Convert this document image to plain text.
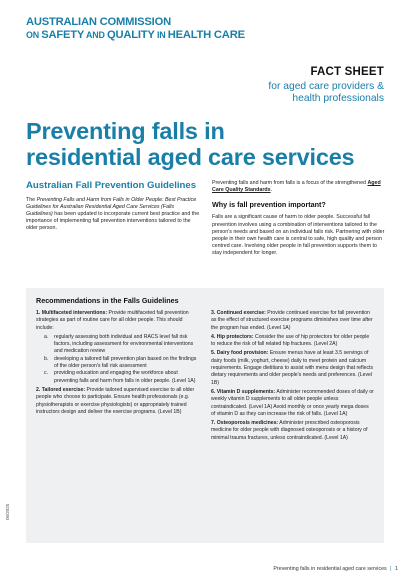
AUSTRALIAN COMMISSION
ON SAFETY AND QUALITY IN HEALTH CARE
FACT SHEET
for aged care providers &
health professionals
Preventing falls in
residential aged care services
Australian Fall Prevention Guidelines
The Preventing Falls and Harm from Falls in Older People: Best Practice Guidelines for Australian Residential Aged Care Services (Falls Guidelines) has been updated to incorporate current best practice and the importance of implementing fall prevention interventions tailored to the older person.
Preventing falls and harm from falls is a focus of the strengthened Aged Care Quality Standards.
Why is fall prevention important?
Falls are a significant cause of harm to older people. Successful fall prevention involves using a combination of interventions tailored to the person's needs and based on an individual falls risk. Partnering with older people in their own health care is central to safe, high quality and person centred care. Involving older people in fall prevention supports them to stay independent for longer.
Recommendations in the Falls Guidelines
1. Multifaceted interventions: Provide multifaceted fall prevention strategies as part of routine care for all older people. This should include:
a.	regularly assessing both individual and RACS level fall risk factors, including assessment for environmental interventions and medication review
b.	developing a tailored fall prevention plan based on the findings of the older person's fall risk assessment
c.	providing education and engaging the workforce about preventing falls and harm from falls in older people. (Level 1A)
2. Tailored exercise: Provide tailored supervised exercise to all older people who choose to participate. Ensure health professionals (e.g. physiotherapists or exercise physiologists) or appropriately trained instructors design and deliver the exercise programs. (Level 1B)
3. Continued exercise: Provide continued exercise for fall prevention as the effect of structured exercise programs diminishes over time after the program has ended. (Level 1A)
4. Hip protectors: Consider the use of hip protectors for older people to reduce the risk of fall related hip fractures. (Level 2A)
5. Dairy food provision: Ensure menus have at least 3.5 servings of dairy foods (milk, yoghurt, cheese) daily to meet protein and calcium requirements. Engage dietitians to assist with menu design that reflects dietary requirements and older people's needs and preferences. (Level 1B)
6. Vitamin D supplements: Administer recommended doses of daily or weekly vitamin D supplements to all older people unless contraindicated. (Level 1A) Avoid monthly or once yearly mega doses of vitamin D as they can increase the risk of falls. (Level 1A)
7. Osteoporosis medicines: Administer prescribed osteoporosis medicine for older people with diagnosed osteoporosis or a history of minimal trauma fractures, unless contraindicated. (Level 1A)
06/2025
Preventing falls in residential aged care services | 1
